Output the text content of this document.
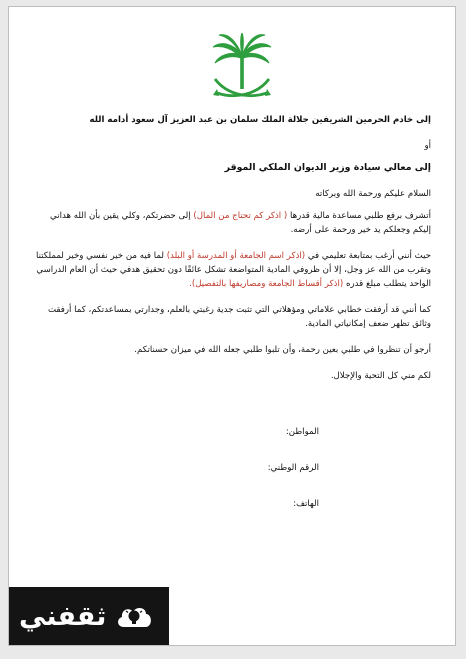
إلى خادم الحرمين الشريفين جلالة الملك سلمان بن عبد العزيز آل سعود أدامه الله

أو

إلى معالي سيادة وزير الديوان الملكي الموقر

السلام عليكم ورحمة الله وبركاته

أتشرف برفع طلبي مساعدة مالية قدرها ( اذكر كم تحتاج من المال) إلى حضرتكم، وكلي يقين بأن الله هداني إليكم وجعلكم يد خير ورحمة على أرضه.

حيث أنني أرغب بمتابعة تعليمي في (اذكر اسم الجامعة أو المدرسة أو البلد) لما فيه من خير نفسي وخير لمملكتنا وتقرب من الله عز وجل، إلا أن ظروفي المادية المتواضعة تشكل عائقًا دون تحقيق هدفي حيث أن العام الدراسي الواحد يتطلب مبلغ قدره (اذكر أقساط الجامعة ومصاريفها بالتفصيل).

كما أنني قد أرفقت خطابي علاماتي ومؤهلاتي التي تثبت جدية رغبتي بالعلم، وجدارتي بمساعدتكم، كما أرفقت وثائق تظهر ضعف إمكانياتي المادية.

أرجو أن تنظروا في طلبي بعين رحمة، وأن تلبوا طلبي جعله الله في ميزان حسناتكم.

لكم مني كل التحية والإجلال.

المواطن:

الرقم الوطني:

الهاتف:

ثقفني
